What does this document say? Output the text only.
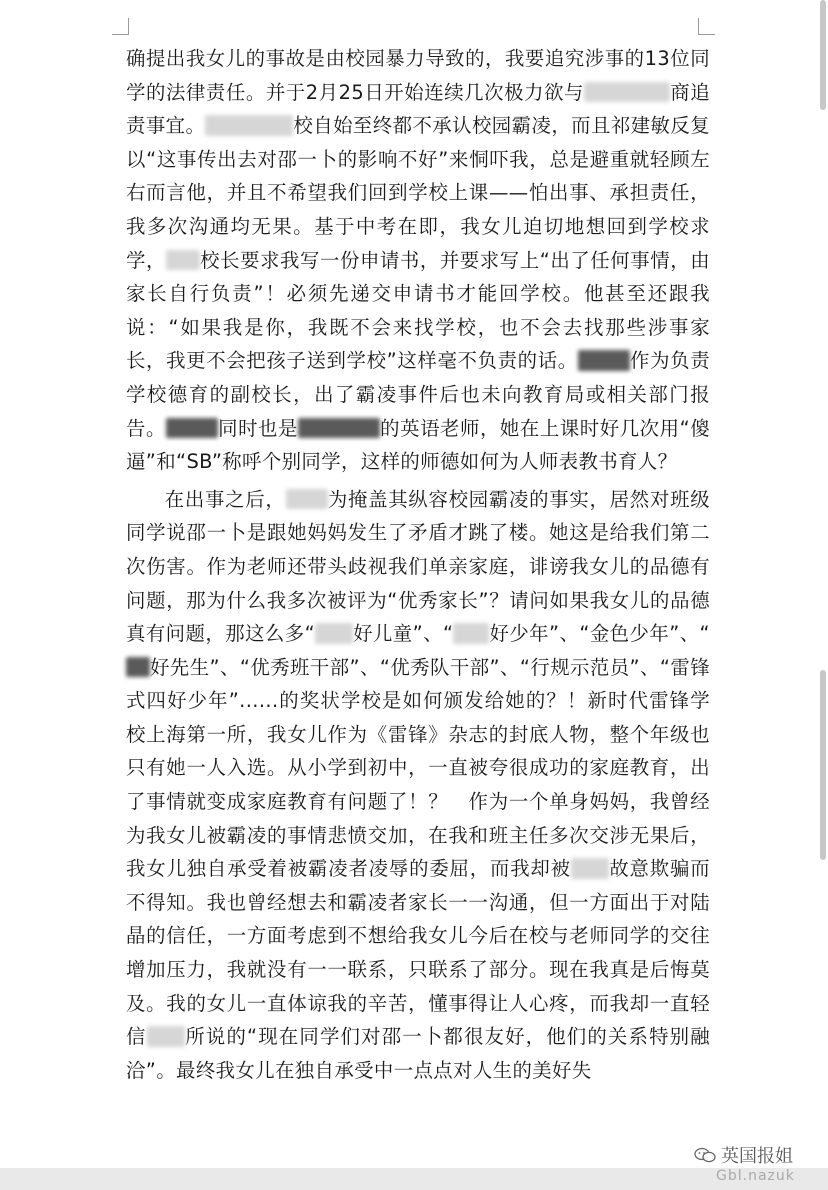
确提出我女儿的事故是由校园暴力导致的，我要追究涉事的13位同学的法律责任。并于2月25日开始连续几次极力欲与	商追责事宜。	校自始至终都不承认校园霸凌，而且祁建敏反复以“这事传出去对邵一卜的影响不好”来恫吓我，总是避重就轻顾左右而言他，并且不希望我们回到学校上课——怕出事、承担责任，我多次沟通均无果。基于中考在即，我女儿迫切地想回到学校求学， 校长要求我写一份申请书，并要求写上“出了任何事情，由家长自行负责”！必须先递交申请书才能回学校。他甚至还跟我说：“如果我是你，我既不会来找学校，也不会去找那些涉事家长，我更不会把孩子送到学校”这样毫不负责的话。	作为负责学校德育的副校长，出了霸凌事件后也未向教育局或相关部门报告。	同时也是	的英语老师，她在上课时好几次用“傻逼”和“SB”称呼个别同学，这样的师德如何为人师表教书育人？

在出事之后， 为掩盖其纵容校园霸凌的事实，居然对班级同学说邵一卜是跟她妈妈发生了矛盾才跳了楼。她这是给我们第二次伤害。作为老师还带头歧视我们单亲家庭，诽谤我女儿的品德有问题，那为什么我多次被评为“优秀家长”？请问如果我女儿的品德真有问题，那这么多“ 好儿童”、“ 好少年”、“金色少年”、“好先生”、“优秀班干部”、“优秀队干部”、“行规示范员”、“雷锋式四好少年”......的奖状学校是如何颁发给她的？！新时代雷锋学校上海第一所，我女儿作为《雷锋》杂志的封底人物，整个年级也只有她一人入选。从小学到初中，一直被夸很成功的家庭教育，出了事情就变成家庭教育有问题了！？　作为一个单身妈妈，我曾经为我女儿被霸凌的事情悲愤交加，在我和班主任多次交涉无果后，我女儿独自承受着被霸凌者凌辱的委屈，而我却被 故意欺骗而不得知。我也曾经想去和霸凌者家长一一沟通，但一方面出于对陆晶的信任，一方面考虑到不想给我女儿今后在校与老师同学的交往增加压力，我就没有一一联系，只联系了部分。现在我真是后悔莫及。我的女儿一直体谅我的辛苦，懂事得让人心疼，而我却一直轻信 所说的“现在同学们对邵一卜都很友好，他们的关系特别融洽”。最终我女儿在独自承受中一点点对人生的美好失

英国报姐
Gbl.nazuk
